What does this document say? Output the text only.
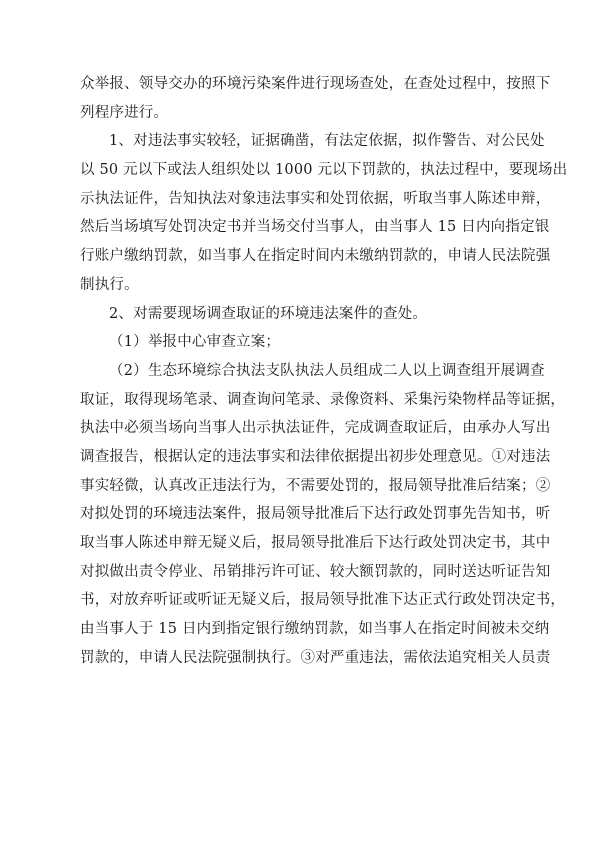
众举报、领导交办的环境污染案件进行现场查处，在查处过程中，按照下
列程序进行。
1、对违法事实较轻，证据确凿，有法定依据，拟作警告、对公民处
以 50 元以下或法人组织处以 1000 元以下罚款的，执法过程中，要现场出
示执法证件，告知执法对象违法事实和处罚依据，听取当事人陈述申辩，
然后当场填写处罚决定书并当场交付当事人，由当事人 15 日内向指定银
行账户缴纳罚款，如当事人在指定时间内未缴纳罚款的，申请人民法院强
制执行。
2、对需要现场调查取证的环境违法案件的查处。
（1）举报中心审查立案；
（2）生态环境综合执法支队执法人员组成二人以上调查组开展调查
取证，取得现场笔录、调查询问笔录、录像资料、采集污染物样品等证据，
执法中必须当场向当事人出示执法证件，完成调查取证后，由承办人写出
调查报告，根据认定的违法事实和法律依据提出初步处理意见。①对违法
事实轻微，认真改正违法行为，不需要处罚的，报局领导批准后结案；②
对拟处罚的环境违法案件，报局领导批准后下达行政处罚事先告知书，听
取当事人陈述申辩无疑义后，报局领导批准后下达行政处罚决定书，其中
对拟做出责令停业、吊销排污许可证、较大额罚款的，同时送达听证告知
书，对放弃听证或听证无疑义后，报局领导批准下达正式行政处罚决定书，
由当事人于 15 日内到指定银行缴纳罚款，如当事人在指定时间被未交纳
罚款的，申请人民法院强制执行。③对严重违法，需依法追究相关人员责
